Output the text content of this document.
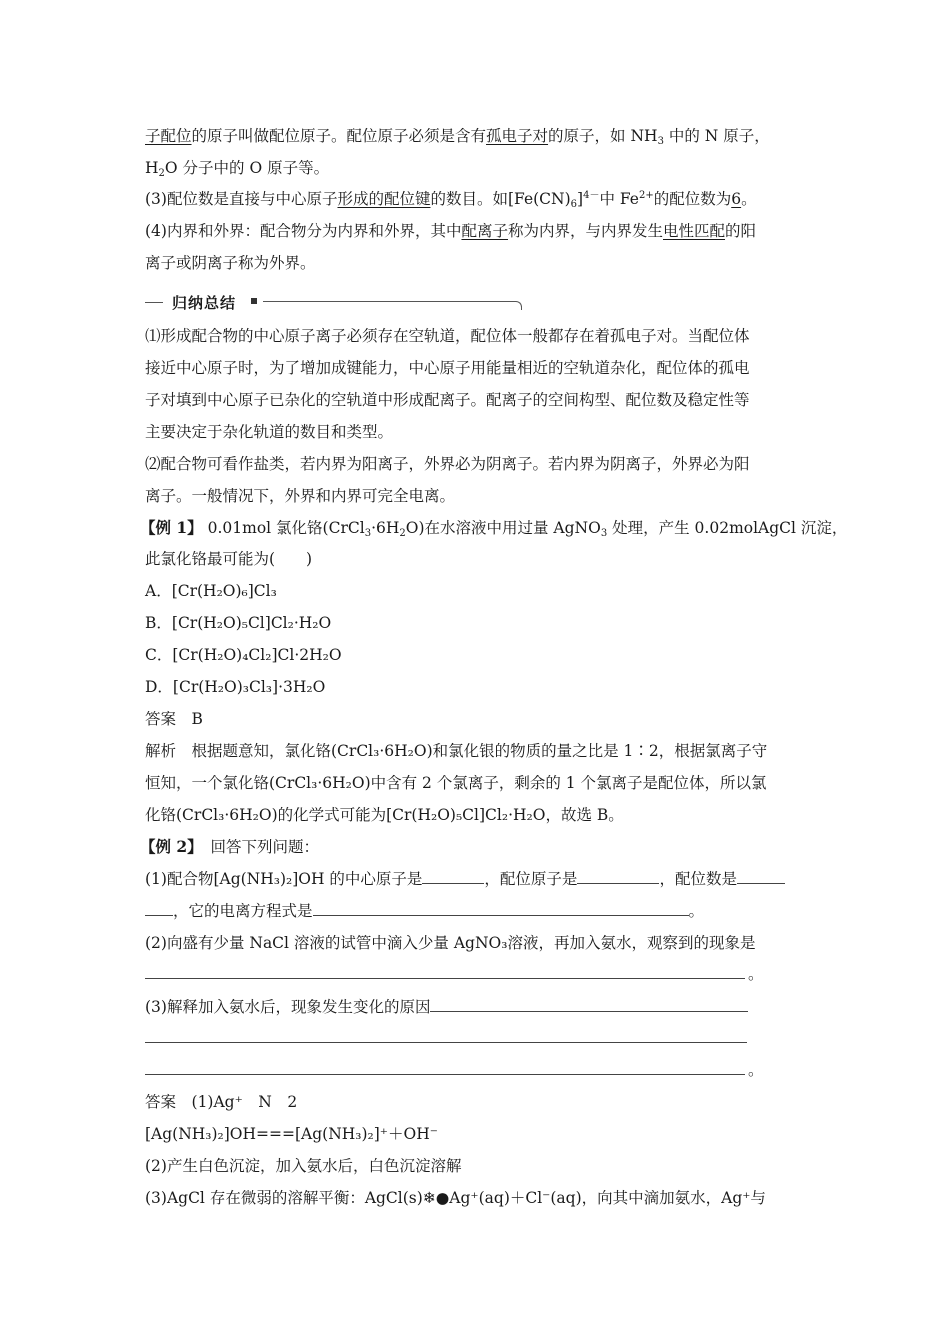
子配位的原子叫做配位原子。配位原子必须是含有孤电子对的原子，如 $NH_3$ 中的 N 原子，
$H_2O$ 分子中的 O 原子等。
(3)配位数是直接与中心原子形成的配位键的数目。如$[Fe(CN)_6]^{4-}$中 $Fe^{2+}$的配位数为6。
(4)内界和外界：配合物分为内界和外界，其中配离子称为内界，与内界发生电性匹配的阳
离子或阴离子称为外界。
归纳总结
⑴形成配合物的中心原子离子必须存在空轨道，配位体一般都存在着孤电子对。当配位体
接近中心原子时，为了增加成键能力，中心原子用能量相近的空轨道杂化，配位体的孤电
子对填到中心原子已杂化的空轨道中形成配离子。配离子的空间构型、配位数及稳定性等
主要决定于杂化轨道的数目和类型。
⑵配合物可看作盐类，若内界为阳离子，外界必为阴离子。若内界为阴离子，外界必为阳
离子。一般情况下，外界和内界可完全电离。
【例 1】 0.01mol 氯化铬$(CrCl_3\cdot 6H_2O)$在水溶液中用过量 AgNO$_3$ 处理，产生 0.02molAgCl 沉淀，
此氯化铬最可能为(　　)
A．[Cr(H₂O)₆]Cl₃
B．[Cr(H₂O)₅Cl]Cl₂·H₂O
C．[Cr(H₂O)₄Cl₂]Cl·2H₂O
D．[Cr(H₂O)₃Cl₃]·3H₂O
答案　B
解析　根据题意知，氯化铬(CrCl₃·6H₂O)和氯化银的物质的量之比是 1∶2，根据氯离子守
恒知，一个氯化铬(CrCl₃·6H₂O)中含有 2 个氯离子，剩余的 1 个氯离子是配位体，所以氯
化铬(CrCl₃·6H₂O)的化学式可能为[Cr(H₂O)₅Cl]Cl₂·H₂O，故选 B。
【例 2】　回答下列问题：
(1)配合物[Ag(NH₃)₂]OH 的中心原子是	，配位原子是	，配位数是
，它的电离方程式是	。
(2)向盛有少量 NaCl 溶液的试管中滴入少量 AgNO₃溶液，再加入氨水，观察到的现象是
。
(3)解释加入氨水后，现象发生变化的原因
。
答案　(1)Ag⁺　N　2
[Ag(NH₃)₂]OH===[Ag(NH₃)₂]⁺＋OH⁻
(2)产生白色沉淀，加入氨水后，白色沉淀溶解
(3)AgCl 存在微弱的溶解平衡：AgCl(s)❄●Ag⁺(aq)＋Cl⁻(aq)，向其中滴加氨水，Ag⁺与
